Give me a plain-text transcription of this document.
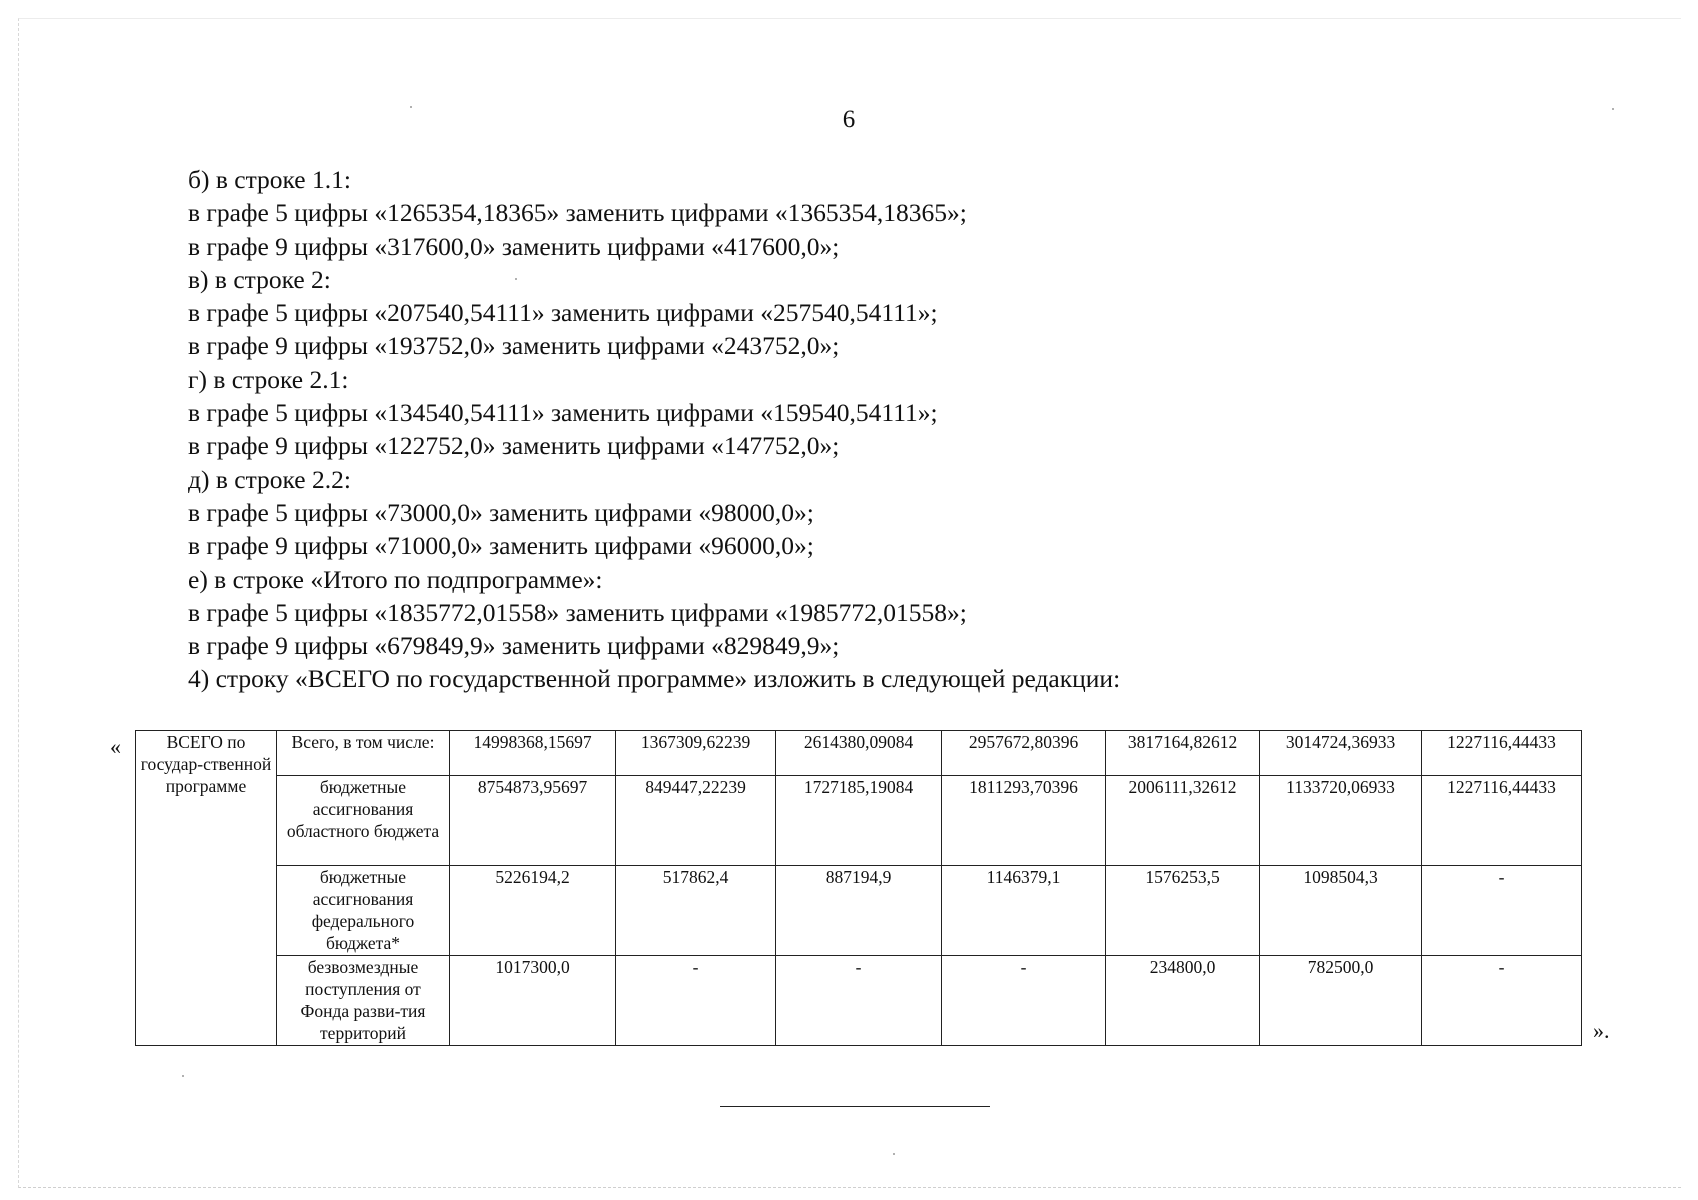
6
б) в строке 1.1:
в графе 5 цифры «1265354,18365» заменить цифрами «1365354,18365»;
в графе 9 цифры «317600,0» заменить цифрами «417600,0»;
в) в строке 2:
в графе 5 цифры «207540,54111» заменить цифрами «257540,54111»;
в графе 9 цифры «193752,0» заменить цифрами «243752,0»;
г) в строке 2.1:
в графе 5 цифры «134540,54111» заменить цифрами «159540,54111»;
в графе 9 цифры «122752,0» заменить цифрами «147752,0»;
д) в строке 2.2:
в графе 5 цифры «73000,0» заменить цифрами «98000,0»;
в графе 9 цифры «71000,0» заменить цифрами «96000,0»;
е) в строке «Итого по подпрограмме»:
в графе 5 цифры «1835772,01558» заменить цифрами «1985772,01558»;
в графе 9 цифры «679849,9» заменить цифрами «829849,9»;
4) строку «ВСЕГО по государственной программе» изложить в следующей редакции:
«	ВСЕГО по государ-ственной программе	Всего, в том числе:	14998368,15697	1367309,62239	2614380,09084	2957672,80396	3817164,82612	3014724,36933	1227116,44433
	бюджетные ассигнования областного бюджета	8754873,95697	849447,22239	1727185,19084	1811293,70396	2006111,32612	1133720,06933	1227116,44433
	бюджетные ассигнования федерального бюджета*	5226194,2	517862,4	887194,9	1146379,1	1576253,5	1098504,3	-
	безвозмездные поступления от Фонда разви-тия территорий	1017300,0	-	-	-	234800,0	782500,0	-
».
